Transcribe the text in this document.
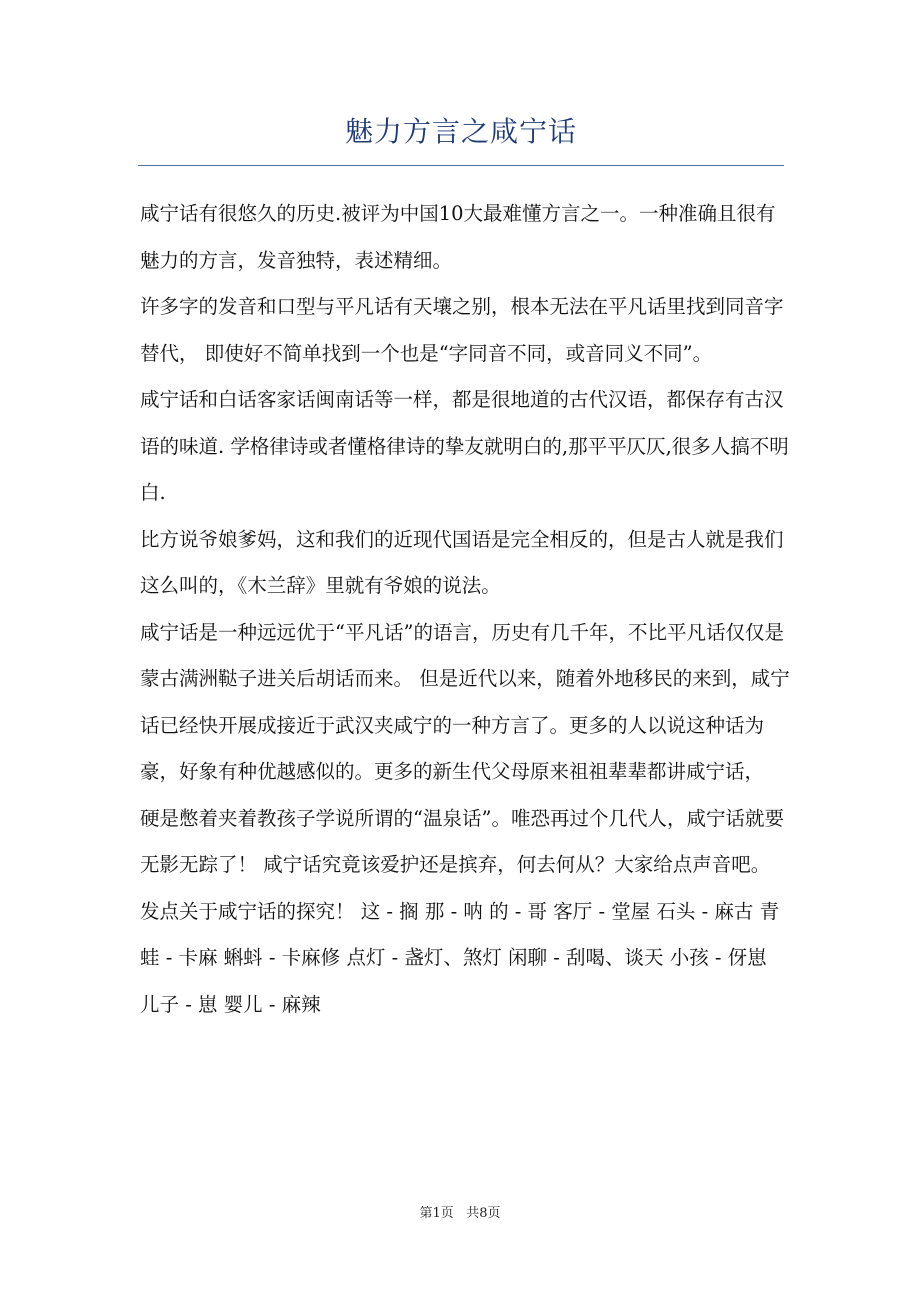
魅力方言之咸宁话

咸宁话有很悠久的历史.被评为中国10大最难懂方言之一。一种准确且很有魅力的方言，发音独特，表述精细。

许多字的发音和口型与平凡话有天壤之别，根本无法在平凡话里找到同音字替代， 即使好不简单找到一个也是“字同音不同，或音同义不同”。

咸宁话和白话客家话闽南话等一样，都是很地道的古代汉语，都保存有古汉语的味道. 学格律诗或者懂格律诗的挚友就明白的,那平平仄仄,很多人搞不明白.

比方说爷娘爹妈，这和我们的近现代国语是完全相反的，但是古人就是我们这么叫的，《木兰辞》里就有爷娘的说法。

咸宁话是一种远远优于“平凡话”的语言，历史有几千年，不比平凡话仅仅是蒙古满洲鞑子进关后胡话而来。 但是近代以来，随着外地移民的来到，咸宁话已经快开展成接近于武汉夹咸宁的一种方言了。更多的人以说这种话为豪，好象有种优越感似的。更多的新生代父母原来祖祖辈辈都讲咸宁话，

硬是憋着夹着教孩子学说所谓的“温泉话”。唯恐再过个几代人，咸宁话就要无影无踪了！ 咸宁话究竟该爱护还是摈弃，何去何从？大家给点声音吧。 发点关于咸宁话的探究！ 这 - 搁 那 - 呐 的 - 哥 客厅 - 堂屋 石头 - 麻古 青蛙 - 卡麻 蝌蚪 - 卡麻修 点灯 - 盏灯、煞灯 闲聊 - 刮喝、谈天 小孩 - 伢崽 儿子 - 崽 婴儿 - 麻辣

第1页 共8页
